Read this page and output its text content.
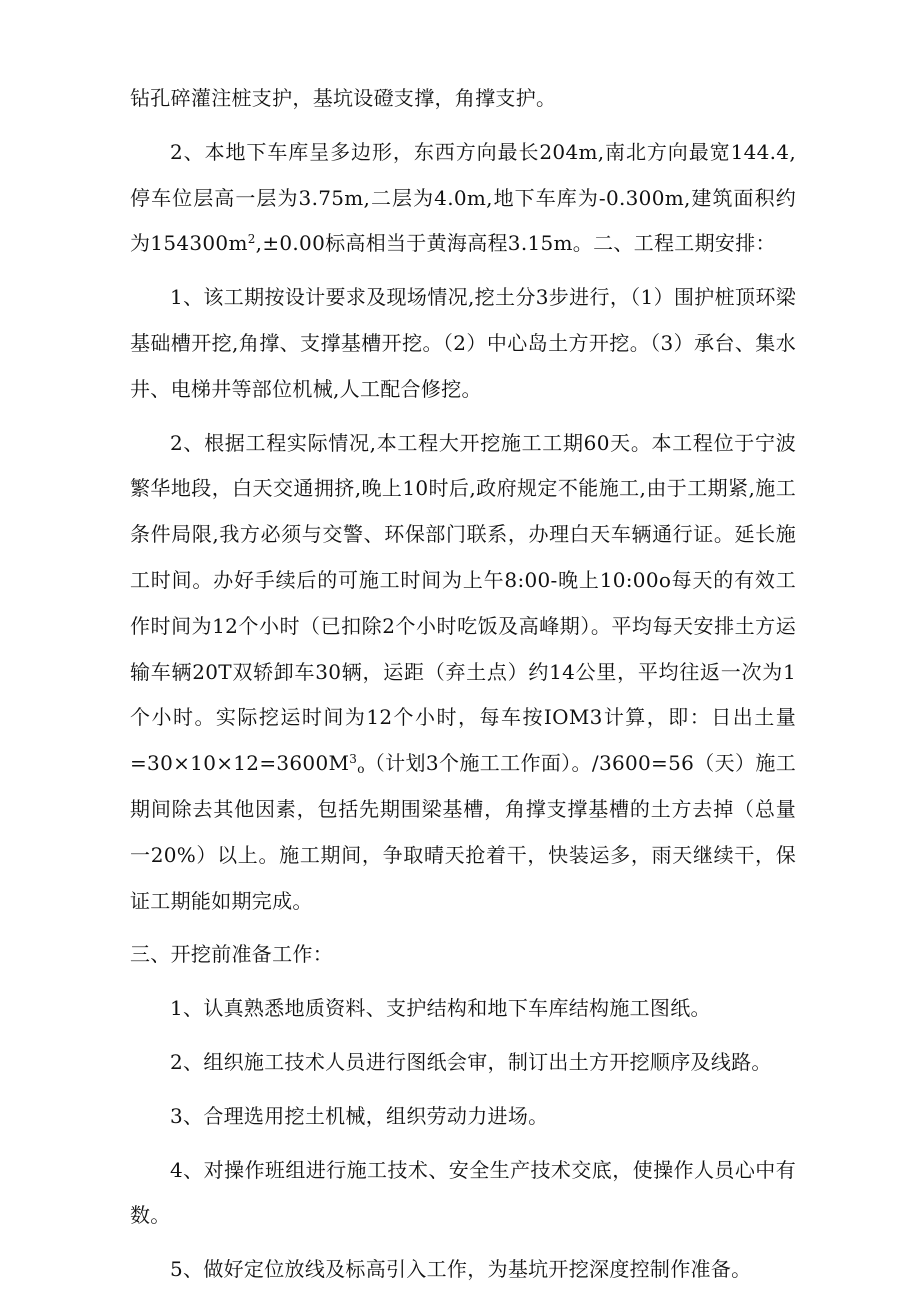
钻孔碎灌注桩支护，基坑设磴支撑，角撑支护。

2、本地下车库呈多边形，东西方向最长204m,南北方向最宽144.4,停车位层高一层为3.75m,二层为4.0m,地下车库为-0.300m,建筑面积约为$154300m^2,\pm 0.00$标高相当于黄海高程3.15m。二、工程工期安排：

1、该工期按设计要求及现场情况,挖土分3步进行，（1）围护桩顶环梁基础槽开挖,角撑、支撑基槽开挖。（2）中心岛土方开挖。（3）承台、集水井、电梯井等部位机械,人工配合修挖。

2、根据工程实际情况,本工程大开挖施工工期60天。本工程位于宁波繁华地段，白天交通拥挤,晚上10时后,政府规定不能施工,由于工期紧,施工条件局限,我方必须与交警、环保部门联系，办理白天车辆通行证。延长施工时间。办好手续后的可施工时间为上午8:00-晚上10:00o每天的有效工作时间为12个小时（已扣除2个小时吃饭及高峰期）。平均每天安排土方运输车辆20T双轿卸车30辆，运距（弃土点）约14公里，平均往返一次为1个小时。实际挖运时间为12个小时，每车按IOM3计算，即：日出土量$=30\times 10\times 12=3600M^3_o$（计划3个施工工作面）。/3600=56（天）施工期间除去其他因素，包括先期围梁基槽，角撑支撑基槽的土方去掉（总量一20%）以上。施工期间，争取晴天抢着干，快装运多，雨天继续干，保证工期能如期完成。

三、开挖前准备工作：

1、认真熟悉地质资料、支护结构和地下车库结构施工图纸。

2、组织施工技术人员进行图纸会审，制订出土方开挖顺序及线路。

3、合理选用挖土机械，组织劳动力进场。

4、对操作班组进行施工技术、安全生产技术交底，使操作人员心中有数。

5、做好定位放线及标高引入工作，为基坑开挖深度控制作准备。
